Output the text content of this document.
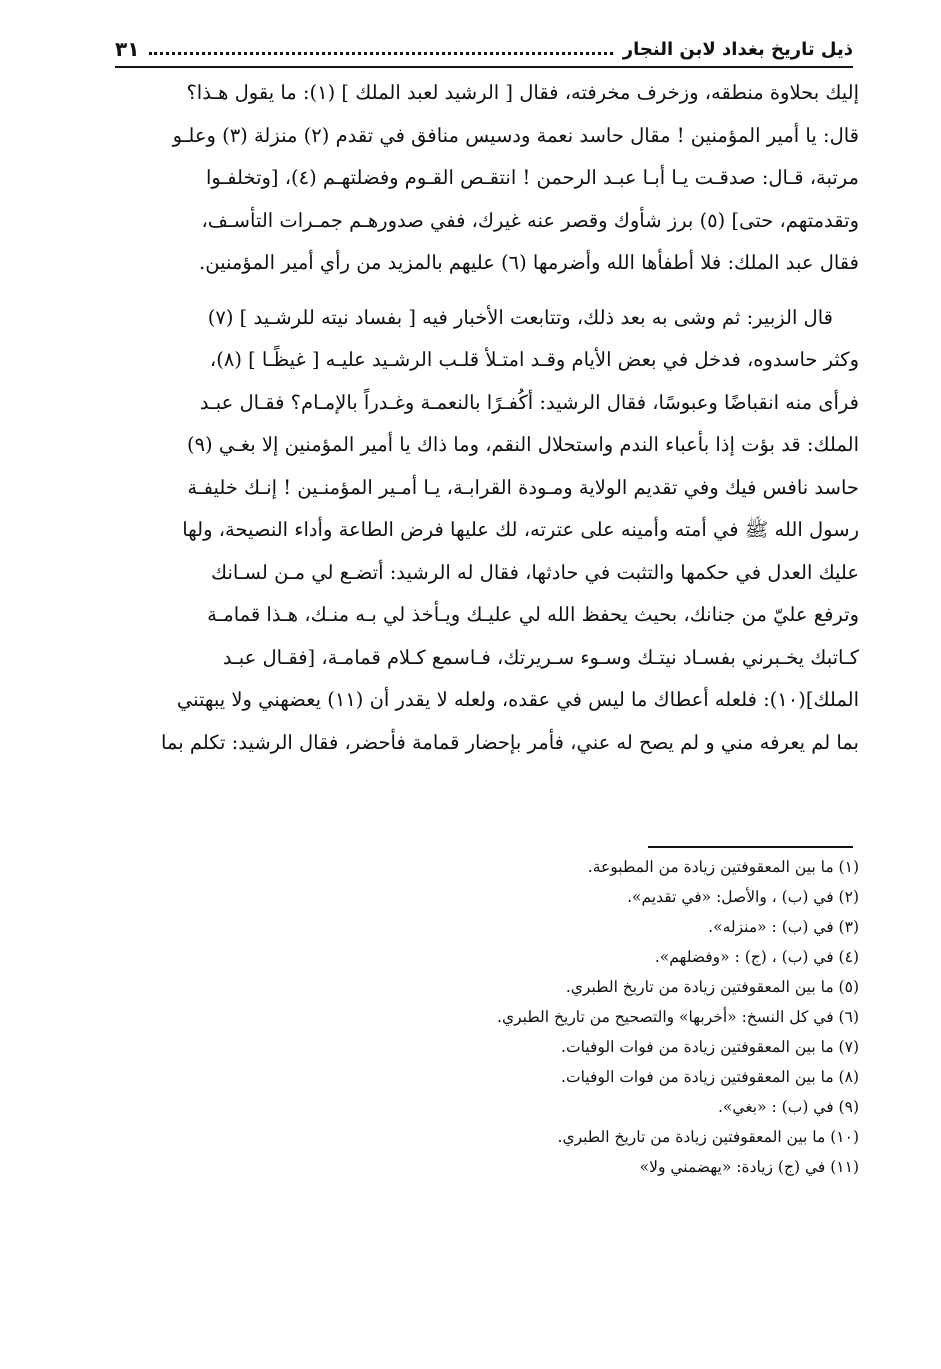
ذيل تاريخ بغداد لابن النجار
٣١

إليك بحلاوة منطقه، وزخرف مخرفته، فقال [ الرشيد لعبد الملك ] (١): ما يقول هـذا؟

قال: يا أمير المؤمنين ! مقال حاسد نعمة ودسيس منافق في تقدم (٢) منزلة (٣) وعلـو

مرتبة، قـال: صدقـت يـا أبـا عبـد الرحمن ! انتقـص القـوم وفضلتهـم (٤)، [وتخلفـوا

وتقدمتهم، حتى] (٥) برز شأوك وقصر عنه غيرك، ففي صدورهـم جمـرات التأسـف،

فقال عبد الملك: فلا أطفأها الله وأضرمها (٦) عليهم بالمزيد من رأي أمير المؤمنين.

قال الزبير: ثم وشى به بعد ذلك، وتتابعت الأخبار فيه [ بفساد نيته للرشـيد ] (٧)

وكثر حاسدوه، فدخل في بعض الأيام وقـد امتـلأ قلـب الرشـيد عليـه [ غيظًـا ] (٨)،

فرأى منه انقباضًا وعبوسًا، فقال الرشيد: أكُفـرًا بالنعمـة وغـدراً بالإمـام؟ فقـال عبـد

الملك: قد بؤت إذا بأعباء الندم واستحلال النقم، وما ذاك يا أمير المؤمنين إلا بغـي (٩)

حاسد نافس فيك وفي تقديم الولاية ومـودة القرابـة، يـا أمـير المؤمنـين ! إنـك خليفـة

رسول الله ﷺ في أمته وأمينه على عترته، لك عليها فرض الطاعة وأداء النصيحة، ولها

عليك العدل في حكمها والتثبت في حادثها، فقال له الرشيد: أتضـع لي مـن لسـانك

وترفع عليّ من جنانك، بحيث يحفظ الله لي عليـك ويـأخذ لي بـه منـك، هـذا قمامـة

كـاتبك يخـبرني بفسـاد نيتـك وسـوء سـريرتك، فـاسمع كـلام قمامـة، [فقـال عبـد

الملك](١٠): فلعله أعطاك ما ليس في عقده، ولعله لا يقدر أن (١١) يعضهني ولا يبهتني

بما لم يعرفه مني و لم يصح له عني، فأمر بإحضار قمامة فأحضر، فقال الرشيد: تكلم بما

(١) ما بين المعقوفتين زيادة من المطبوعة.
(٢) في (ب) ، والأصل: «في تقديم».
(٣) في (ب) : «منزله».
(٤) في (ب) ، (ج) : «وفضلهم».
(٥) ما بين المعقوفتين زيادة من تاريخ الطبري.
(٦) في كل النسخ: «أخربها» والتصحيح من تاريخ الطبري.
(٧) ما بين المعقوفتين زيادة من فوات الوفيات.
(٨) ما بين المعقوفتين زيادة من فوات الوفيات.
(٩) في (ب) : «بغي».
(١٠) ما بين المعقوفتين زيادة من تاريخ الطبري.
(١١) في (ج) زيادة: «يهضمني ولا»
